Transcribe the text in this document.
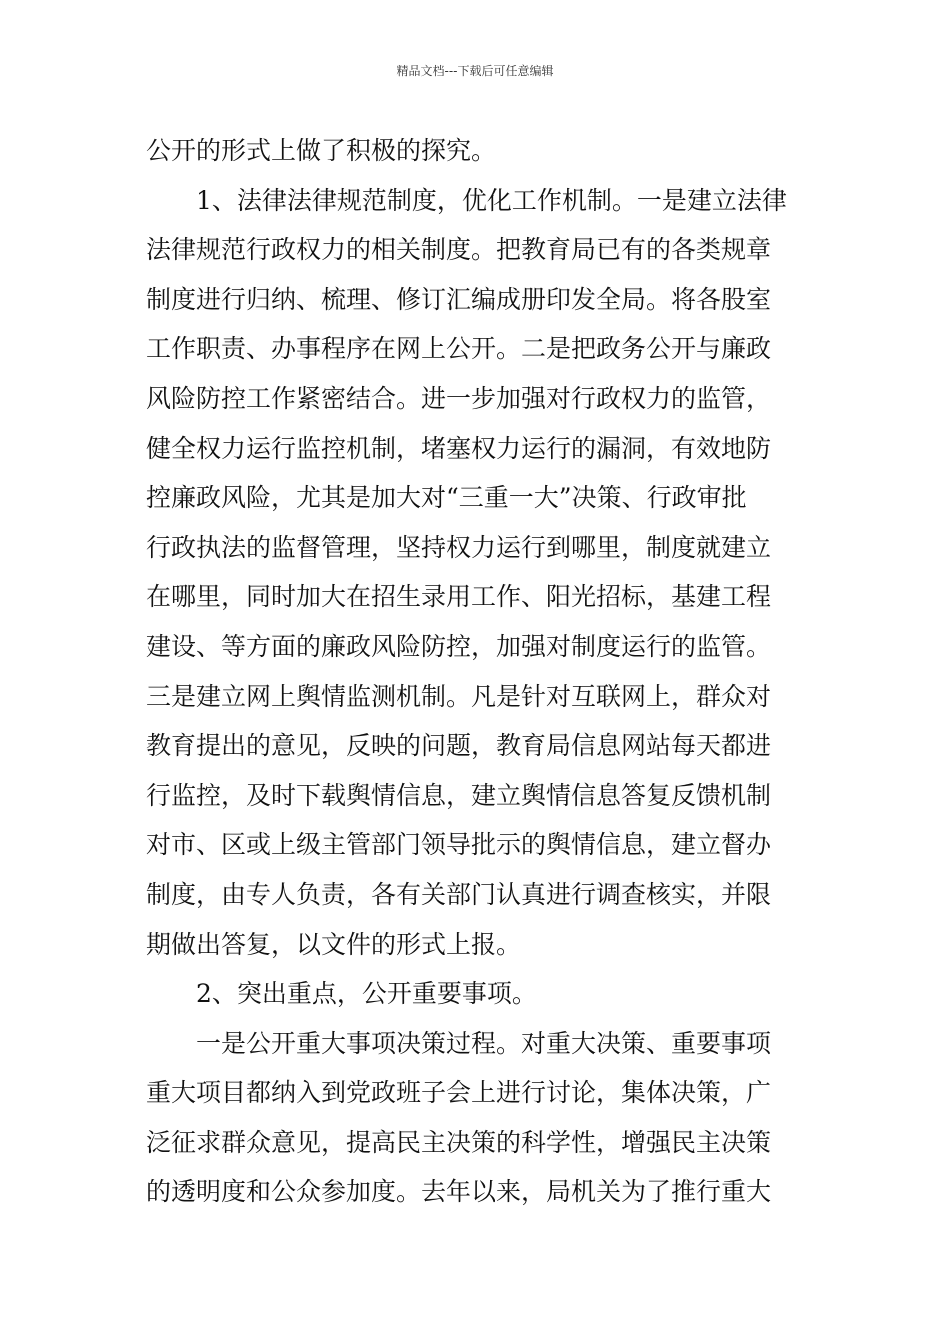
精品文档---下载后可任意编辑
公开的形式上做了积极的探究。
1、法律法律规范制度，优化工作机制。一是建立法律
法律规范行政权力的相关制度。把教育局已有的各类规章
制度进行归纳、梳理、修订汇编成册印发全局。将各股室
工作职责、办事程序在网上公开。二是把政务公开与廉政
风险防控工作紧密结合。进一步加强对行政权力的监管，
健全权力运行监控机制，堵塞权力运行的漏洞，有效地防
控廉政风险，尤其是加大对“三重一大”决策、行政审批
行政执法的监督管理，坚持权力运行到哪里，制度就建立
在哪里，同时加大在招生录用工作、阳光招标，基建工程
建设、等方面的廉政风险防控，加强对制度运行的监管。
三是建立网上舆情监测机制。凡是针对互联网上，群众对
教育提出的意见，反映的问题，教育局信息网站每天都进
行监控，及时下载舆情信息，建立舆情信息答复反馈机制
对市、区或上级主管部门领导批示的舆情信息，建立督办
制度，由专人负责，各有关部门认真进行调查核实，并限
期做出答复，以文件的形式上报。
2、突出重点，公开重要事项。
一是公开重大事项决策过程。对重大决策、重要事项
重大项目都纳入到党政班子会上进行讨论，集体决策，广
泛征求群众意见，提高民主决策的科学性，增强民主决策
的透明度和公众参加度。去年以来，局机关为了推行重大
